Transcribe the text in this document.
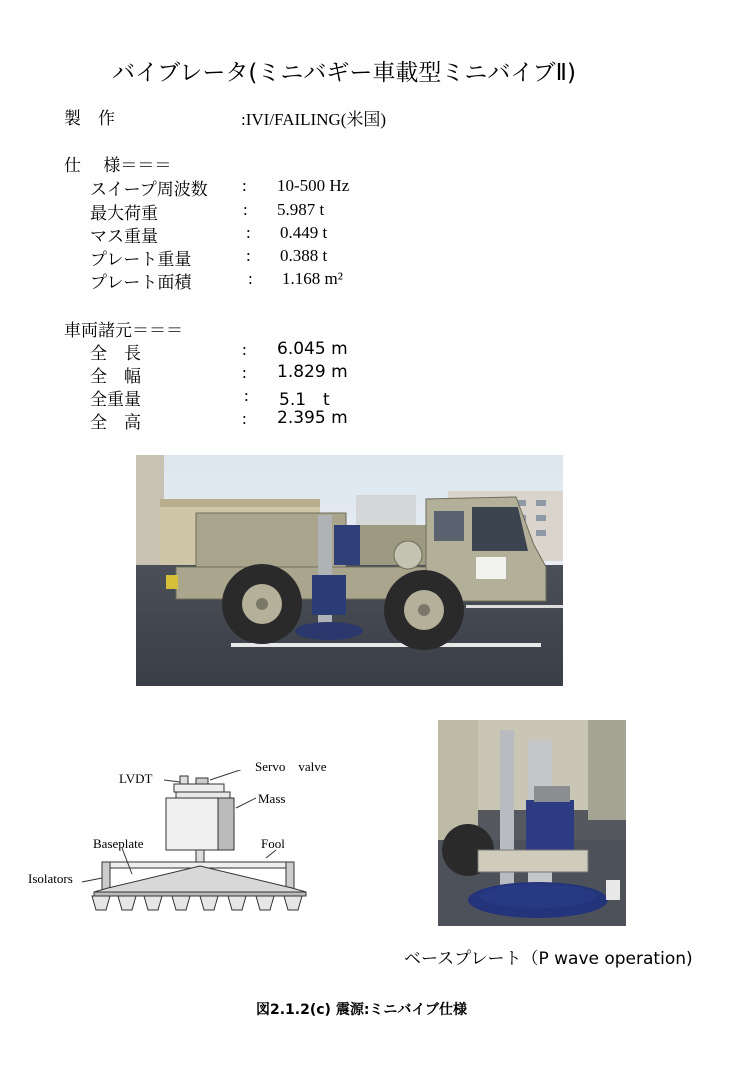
バイブレータ(ミニバギー車載型ミニバイブⅡ)
製　作	:IVI/FAILING(米国)
仕　 様＝＝＝
スイープ周波数 : 10-500 Hz
最大荷重	: 5.987 t
マス重量	: 0.449 t
プレート重量	: 0.388 t
プレート面積	: 1.168 m²
車両諸元＝＝＝
全　長	: 6.045 m
全　幅	: 1.829 m
全重量	: 5.1　t
全　高	: 2.395 m
LVDT
Servo　valve
Mass
Baseplate	Fool
Isolators
ベースプレート（P wave operation)
図2.1.2(c) 震源:ミニバイブ仕様
